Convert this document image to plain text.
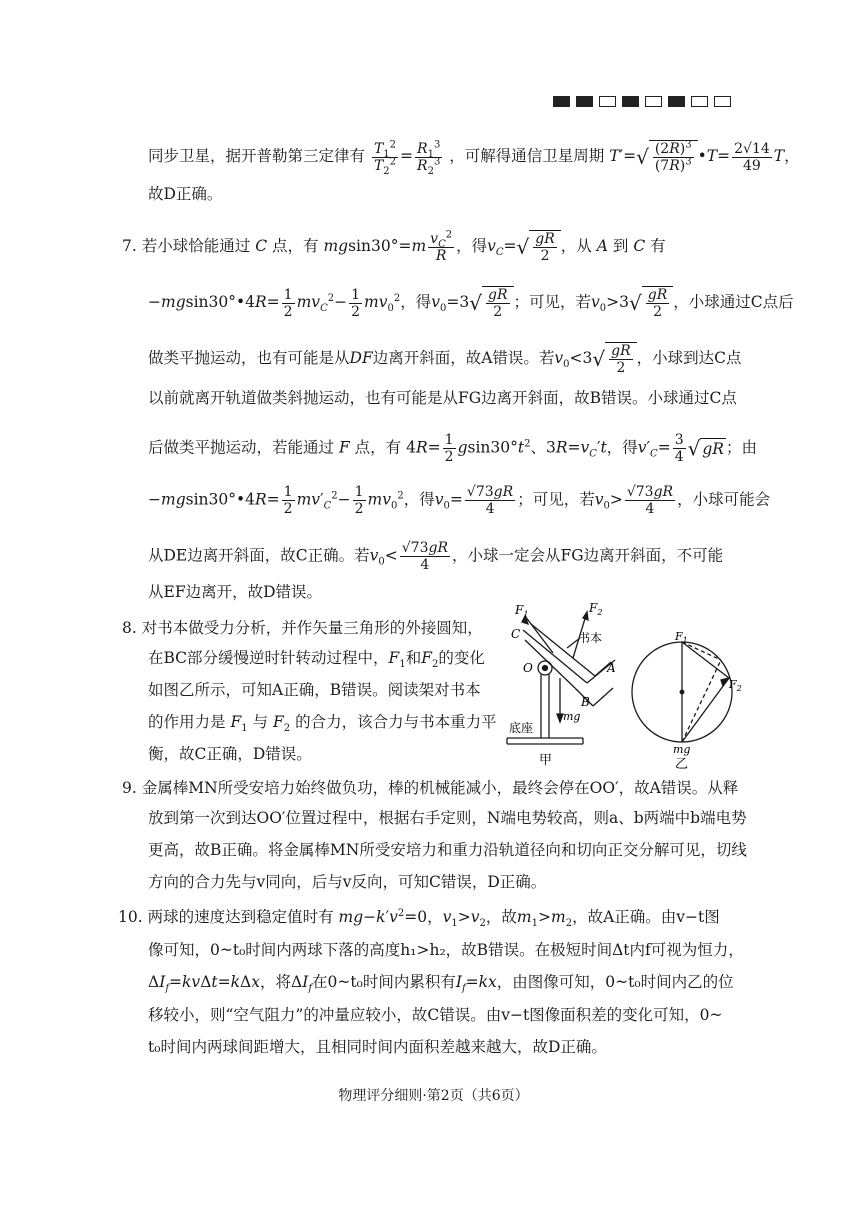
同步卫星，据开普勒第三定律有 $\frac{T_1^2}{T_2^2} = \frac{R_1^3}{R_2^3}$ ，可解得通信卫星周期 $T'=√ \frac{(2R)^3}{(7R)^3}$ •T= $\frac{2√14}{49}$ T，
故D正确。
7. 若小球恰能通过 C 点，有 $mgsin30^\circ=m \frac{v_C^2}{R}$ ，得$v_C=√ \frac{gR}{2}$ ，从 A 到 C 有
−mgsin30°•4R= $\frac{1}{2} mv_C^2- \frac{1}{2} mv_0^2$，得$v_0=3√ \frac{gR}{2}$ ；可见，若$v_0>3√ \frac{gR}{2}$ ，小球通过C点后
做类平抛运动，也有可能是从DF边离开斜面，故A错误。若$v_0<3√ \frac{gR}{2}$ ，小球到达C点
以前就离开轨道做类斜抛运动，也有可能是从FG边离开斜面，故B错误。小球通过C点
后做类平抛运动，若能通过 F 点，有 $4R= \frac{1}{2} gsin30^\circ t^2$、$3R=v_C't$，得$v'_C= \frac{3}{4}$ √ gR ；由
−mgsin30°•4R= $\frac{1}{2} mv'_C^2- \frac{1}{2} mv_0^2$，得$v_0= \frac{√73gR}{4}$ ；可见，若$v_0> \frac{√73gR}{4}$ ，小球可能会
从DE边离开斜面，故C正确。若$v_0< \frac{√73gR}{4}$ ，小球一定会从FG边离开斜面，不可能
从EF边离开，故D错误。
8. 对书本做受力分析，并作矢量三角形的外接圆知，
在BC部分缓慢逆时针转动过程中，$F_1$和$F_2$的变化
如图乙所示，可知A正确，B错误。阅读架对书本
的作用力是 $F_1$ 与 $F_2$ 的合力，该合力与书本重力平
衡，故C正确，D错误。
$F_1$	$F_2$
C	书本
O	A
B
mg
底座
甲
$F_1$
$F_2$
mg
乙
9. 金属棒MN所受安培力始终做负功，棒的机械能减小，最终会停在OO′，故A错误。从释
放到第一次到达OO′位置过程中，根据右手定则，N端电势较高，则a、b两端中b端电势
更高，故B正确。将金属棒MN所受安培力和重力沿轨道径向和切向正交分解可见，切线
方向的合力先与v同向，后与v反向，可知C错误，D正确。
10. 两球的速度达到稳定值时有 $mg-k'v^2=0$，$v_1>v_2$，故$m_1>m_2$，故A正确。由v−t图
像可知，0~t₀时间内两球下落的高度h₁>h₂，故B错误。在极短时间Δt内f可视为恒力，
$\Delta I_f=kv\Delta t=k\Delta x$，将$\Delta I_f$在0~t₀时间内累积有$I_f=kx$，由图像可知，0~t₀时间内乙的位
移较小，则“空气阻力”的冲量应较小，故C错误。由v−t图像面积差的变化可知，0~
t₀时间内两球间距增大，且相同时间内面积差越来越大，故D正确。
物理评分细则·第2页（共6页）
